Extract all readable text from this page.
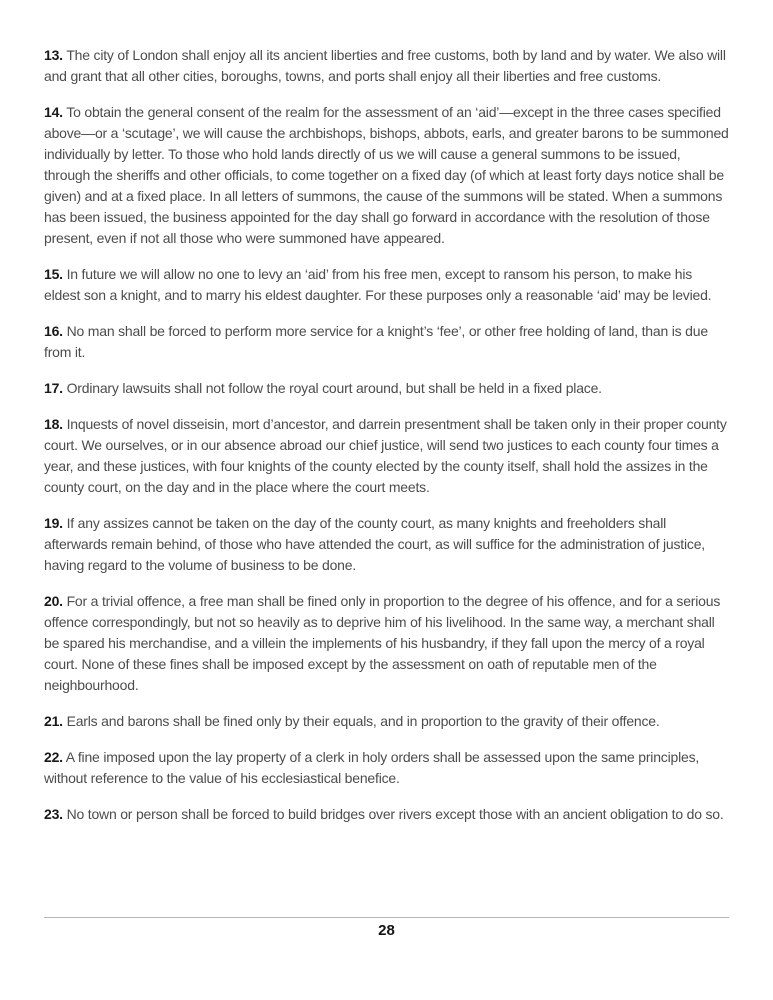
13. The city of London shall enjoy all its ancient liberties and free customs, both by land and by water. We also will and grant that all other cities, boroughs, towns, and ports shall enjoy all their liberties and free customs.

14. To obtain the general consent of the realm for the assessment of an ‘aid’—except in the three cases specified above—or a ‘scutage’, we will cause the archbishops, bishops, abbots, earls, and greater barons to be summoned individually by letter. To those who hold lands directly of us we will cause a general summons to be issued, through the sheriffs and other officials, to come together on a fixed day (of which at least forty days notice shall be given) and at a fixed place. In all letters of summons, the cause of the summons will be stated. When a summons has been issued, the business appointed for the day shall go forward in accordance with the resolution of those present, even if not all those who were summoned have appeared.

15. In future we will allow no one to levy an ‘aid’ from his free men, except to ransom his person, to make his eldest son a knight, and to marry his eldest daughter. For these purposes only a reasonable ‘aid’ may be levied.

16. No man shall be forced to perform more service for a knight’s ‘fee’, or other free holding of land, than is due from it.

17. Ordinary lawsuits shall not follow the royal court around, but shall be held in a fixed place.

18. Inquests of novel disseisin, mort d’ancestor, and darrein presentment shall be taken only in their proper county court. We ourselves, or in our absence abroad our chief justice, will send two justices to each county four times a year, and these justices, with four knights of the county elected by the county itself, shall hold the assizes in the county court, on the day and in the place where the court meets.

19. If any assizes cannot be taken on the day of the county court, as many knights and freeholders shall afterwards remain behind, of those who have attended the court, as will suffice for the administration of justice, having regard to the volume of business to be done.

20. For a trivial offence, a free man shall be fined only in proportion to the degree of his offence, and for a serious offence correspondingly, but not so heavily as to deprive him of his livelihood. In the same way, a merchant shall be spared his merchandise, and a villein the implements of his husbandry, if they fall upon the mercy of a royal court. None of these fines shall be imposed except by the assessment on oath of reputable men of the neighbourhood.

21. Earls and barons shall be fined only by their equals, and in proportion to the gravity of their offence.

22. A fine imposed upon the lay property of a clerk in holy orders shall be assessed upon the same principles, without reference to the value of his ecclesiastical benefice.

23. No town or person shall be forced to build bridges over rivers except those with an ancient obligation to do so.

28
